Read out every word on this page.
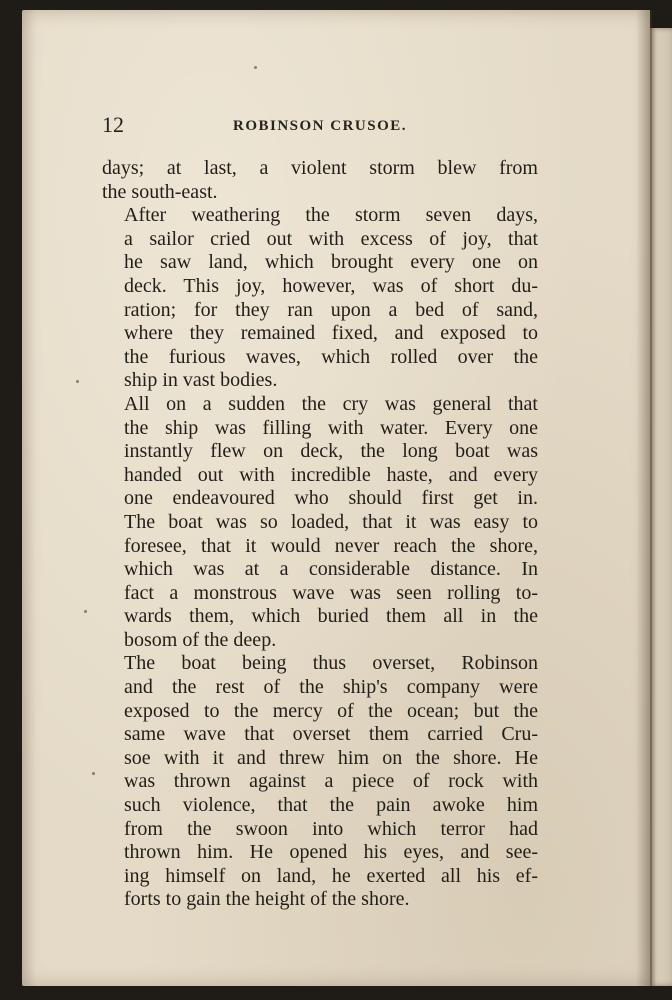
12	ROBINSON CRUSOE.

days; at last, a violent storm blew from
the south-east.

After weathering the storm seven days,
a sailor cried out with excess of joy, that
he saw land, which brought every one on
deck. This joy, however, was of short du-
ration; for they ran upon a bed of sand,
where they remained fixed, and exposed to
the furious waves, which rolled over the
ship in vast bodies.

All on a sudden the cry was general that
the ship was filling with water. Every one
instantly flew on deck, the long boat was
handed out with incredible haste, and every
one endeavoured who should first get in.
The boat was so loaded, that it was easy to
foresee, that it would never reach the shore,
which was at a considerable distance. In
fact a monstrous wave was seen rolling to-
wards them, which buried them all in the
bosom of the deep.

The boat being thus overset, Robinson
and the rest of the ship's company were
exposed to the mercy of the ocean; but the
same wave that overset them carried Cru-
soe with it and threw him on the shore. He
was thrown against a piece of rock with
such violence, that the pain awoke him
from the swoon into which terror had
thrown him. He opened his eyes, and see-
ing himself on land, he exerted all his ef-
forts to gain the height of the shore.
